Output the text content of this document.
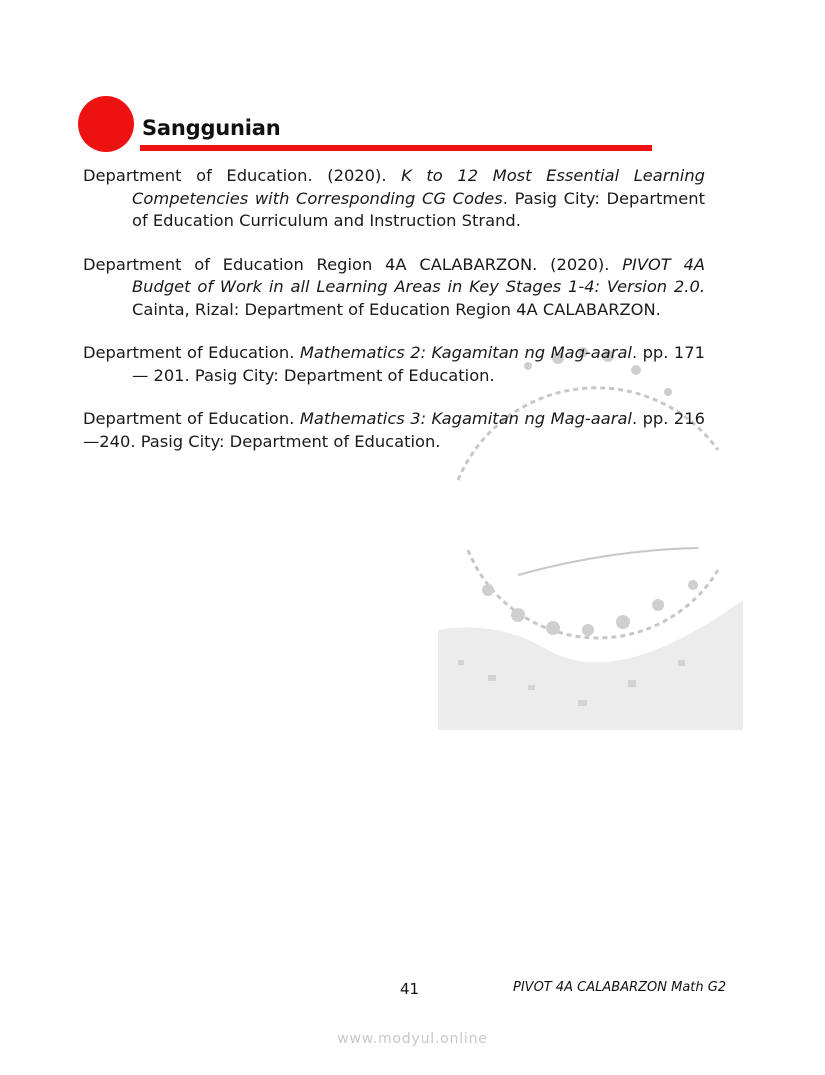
Sanggunian

Department of Education. (2020). K to 12 Most Essential Learning Competencies with Corresponding CG Codes. Pasig City: Department of Education Curriculum and Instruction Strand.

Department of Education Region 4A CALABARZON. (2020). PIVOT 4A Budget of Work in all Learning Areas in Key Stages 1-4: Version 2.0. Cainta, Rizal: Department of Education Region 4A CALABARZON.

Department of Education. Mathematics 2: Kagamitan ng Mag-aaral. pp. 171 — 201. Pasig City: Department of Education.

Department of Education. Mathematics 3: Kagamitan ng Mag-aaral. pp. 216—240. Pasig City: Department of Education.

41	PIVOT 4A CALABARZON Math G2
www.modyul.online
